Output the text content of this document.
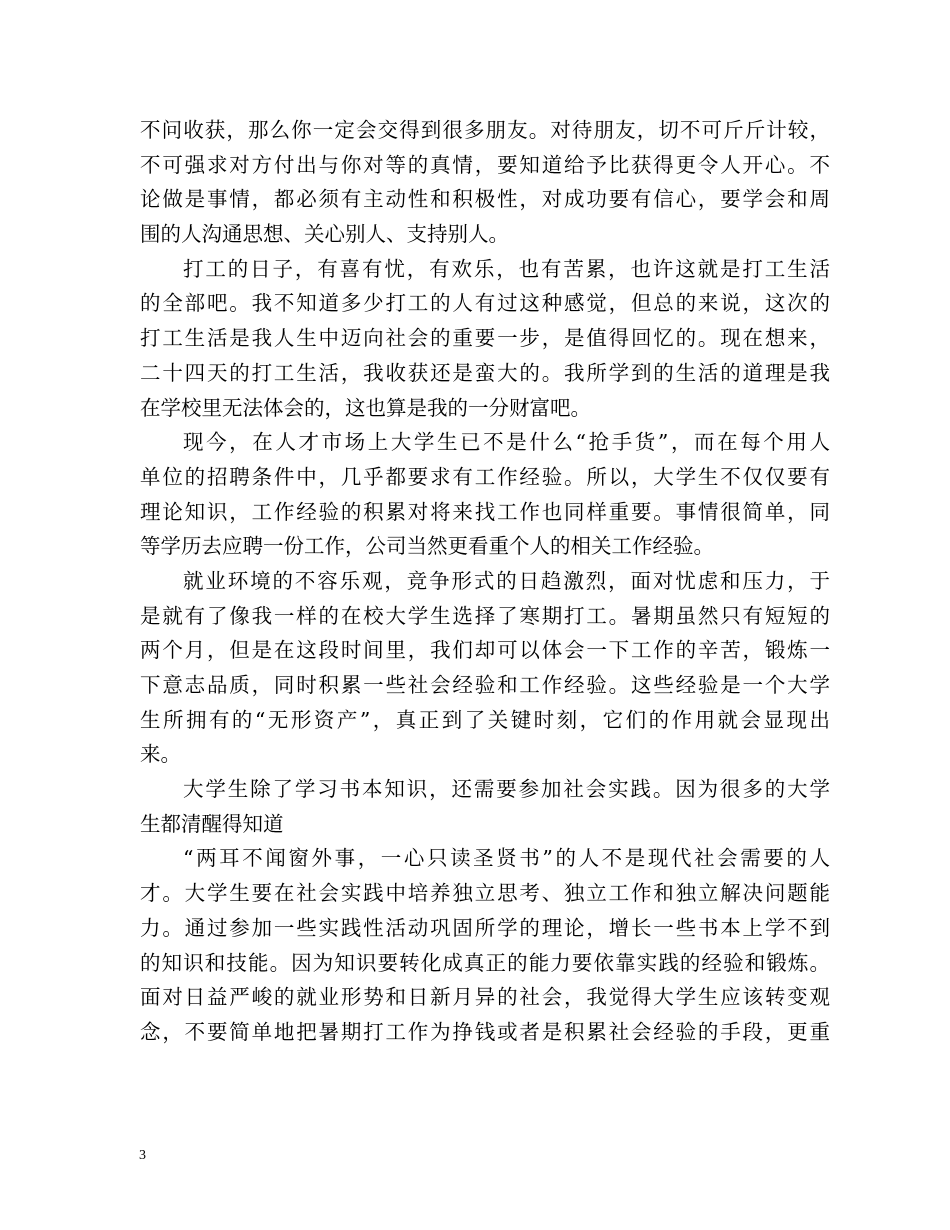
不问收获，那么你一定会交得到很多朋友。对待朋友，切不可斤斤计较，
不可强求对方付出与你对等的真情，要知道给予比获得更令人开心。不
论做是事情，都必须有主动性和积极性，对成功要有信心，要学会和周
围的人沟通思想、关心别人、支持别人。
打工的日子，有喜有忧，有欢乐，也有苦累，也许这就是打工生活
的全部吧。我不知道多少打工的人有过这种感觉，但总的来说，这次的
打工生活是我人生中迈向社会的重要一步，是值得回忆的。现在想来，
二十四天的打工生活，我收获还是蛮大的。我所学到的生活的道理是我
在学校里无法体会的，这也算是我的一分财富吧。
现今，在人才市场上大学生已不是什么“抢手货”，而在每个用人
单位的招聘条件中，几乎都要求有工作经验。所以，大学生不仅仅要有
理论知识，工作经验的积累对将来找工作也同样重要。事情很简单，同
等学历去应聘一份工作，公司当然更看重个人的相关工作经验。
就业环境的不容乐观，竞争形式的日趋激烈，面对忧虑和压力，于
是就有了像我一样的在校大学生选择了寒期打工。暑期虽然只有短短的
两个月，但是在这段时间里，我们却可以体会一下工作的辛苦，锻炼一
下意志品质，同时积累一些社会经验和工作经验。这些经验是一个大学
生所拥有的“无形资产”，真正到了关键时刻，它们的作用就会显现出
来。
大学生除了学习书本知识，还需要参加社会实践。因为很多的大学
生都清醒得知道
“两耳不闻窗外事，一心只读圣贤书”的人不是现代社会需要的人
才。大学生要在社会实践中培养独立思考、独立工作和独立解决问题能
力。通过参加一些实践性活动巩固所学的理论，增长一些书本上学不到
的知识和技能。因为知识要转化成真正的能力要依靠实践的经验和锻炼。
面对日益严峻的就业形势和日新月异的社会，我觉得大学生应该转变观
念，不要简单地把暑期打工作为挣钱或者是积累社会经验的手段，更重
3
